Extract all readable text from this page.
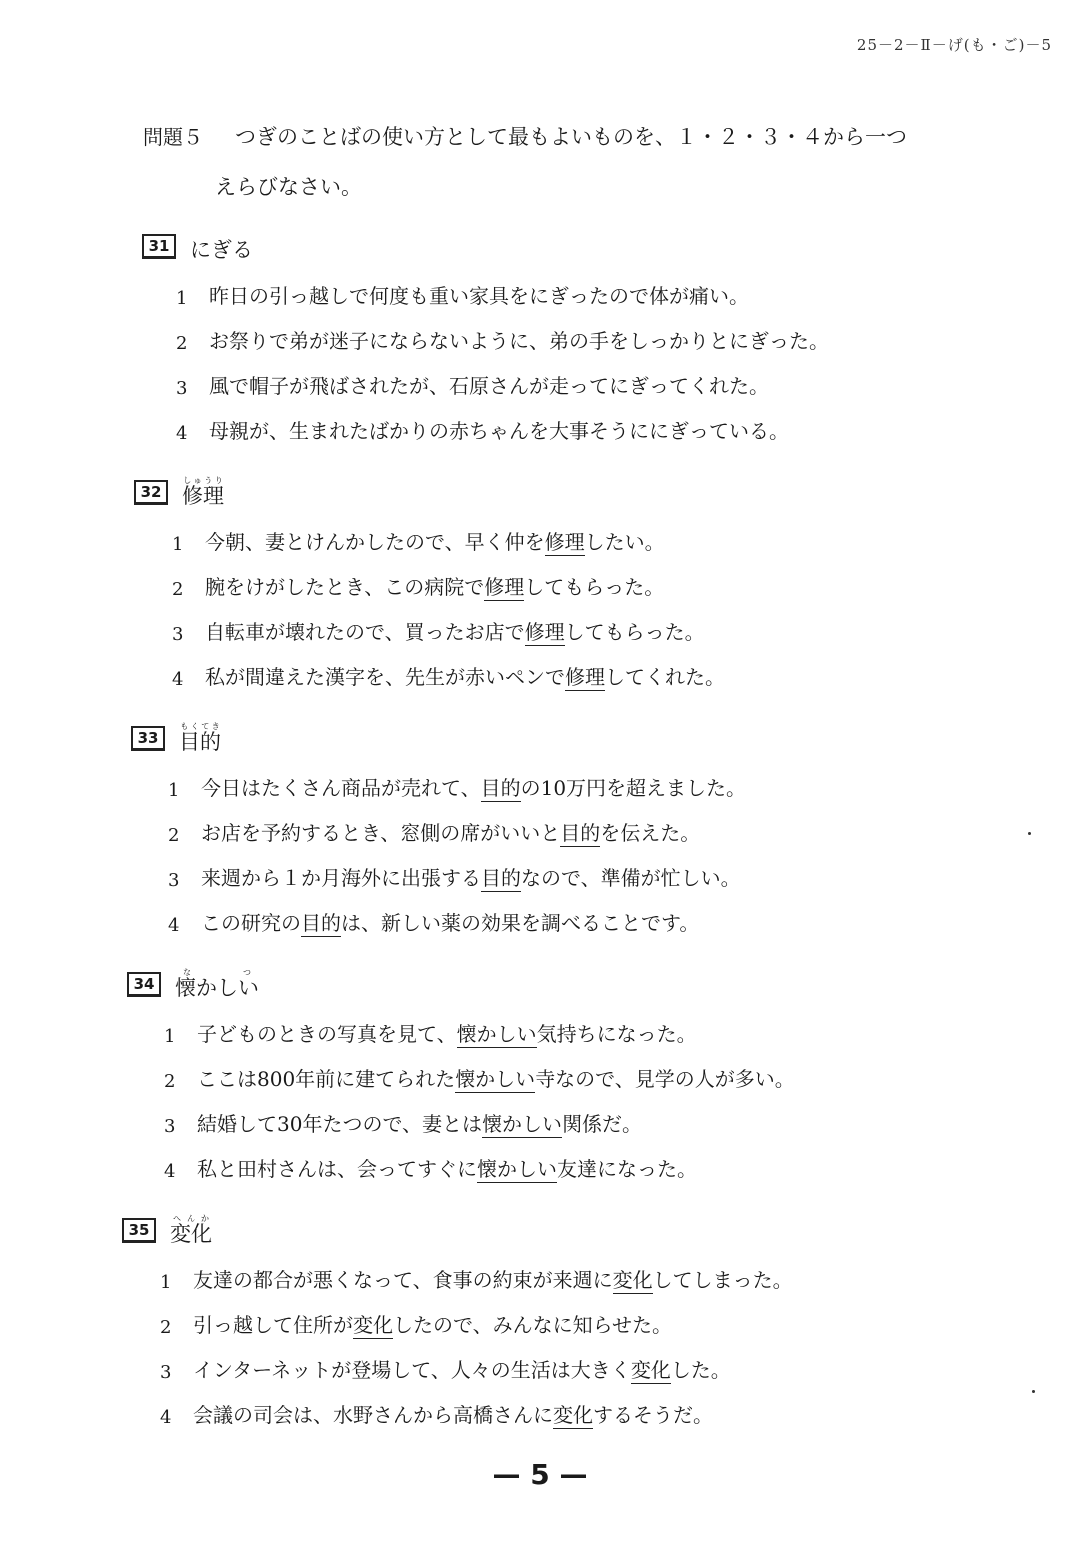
25－2－Ⅱ－げ(も・ご)－5
問題５ つぎのことばの使い方として最もよいものを、１・２・３・４から一つ
えらびなさい。
31 にぎる
1	昨日の引っ越しで何度も重い家具をにぎったので体が痛い。
2	お祭りで弟が迷子にならないように、弟の手をしっかりとにぎった。
3	風で帽子が飛ばされたが、石原さんが走ってにぎってくれた。
4	母親が、生まれたばかりの赤ちゃんを大事そうににぎっている。
32 修理しゅうり
1	今朝、妻とけんかしたので、早く仲を修理したい。
2	腕をけがしたとき、この病院で修理してもらった。
3	自転車が壊れたので、買ったお店で修理してもらった。
4	私が間違えた漢字を、先生が赤いペンで修理してくれた。
33 目的もくてき
1	今日はたくさん商品が売れて、目的の10万円を超えました。
2	お店を予約するとき、窓側の席がいいと目的を伝えた。
3	来週から１か月海外に出張する目的なので、準備が忙しい。
4	この研究の目的は、新しい薬の効果を調べることです。
34 懐かしいなつ
1	子どものときの写真を見て、懐かしい気持ちになった。
2	ここは800年前に建てられた懐かしい寺なので、見学の人が多い。
3	結婚して30年たつので、妻とは懐かしい関係だ。
4	私と田村さんは、会ってすぐに懐かしい友達になった。
35 変化へんか
1	友達の都合が悪くなって、食事の約束が来週に変化してしまった。
2	引っ越して住所が変化したので、みんなに知らせた。
3	インターネットが登場して、人々の生活は大きく変化した。
4	会議の司会は、水野さんから高橋さんに変化するそうだ。
— 5 —
